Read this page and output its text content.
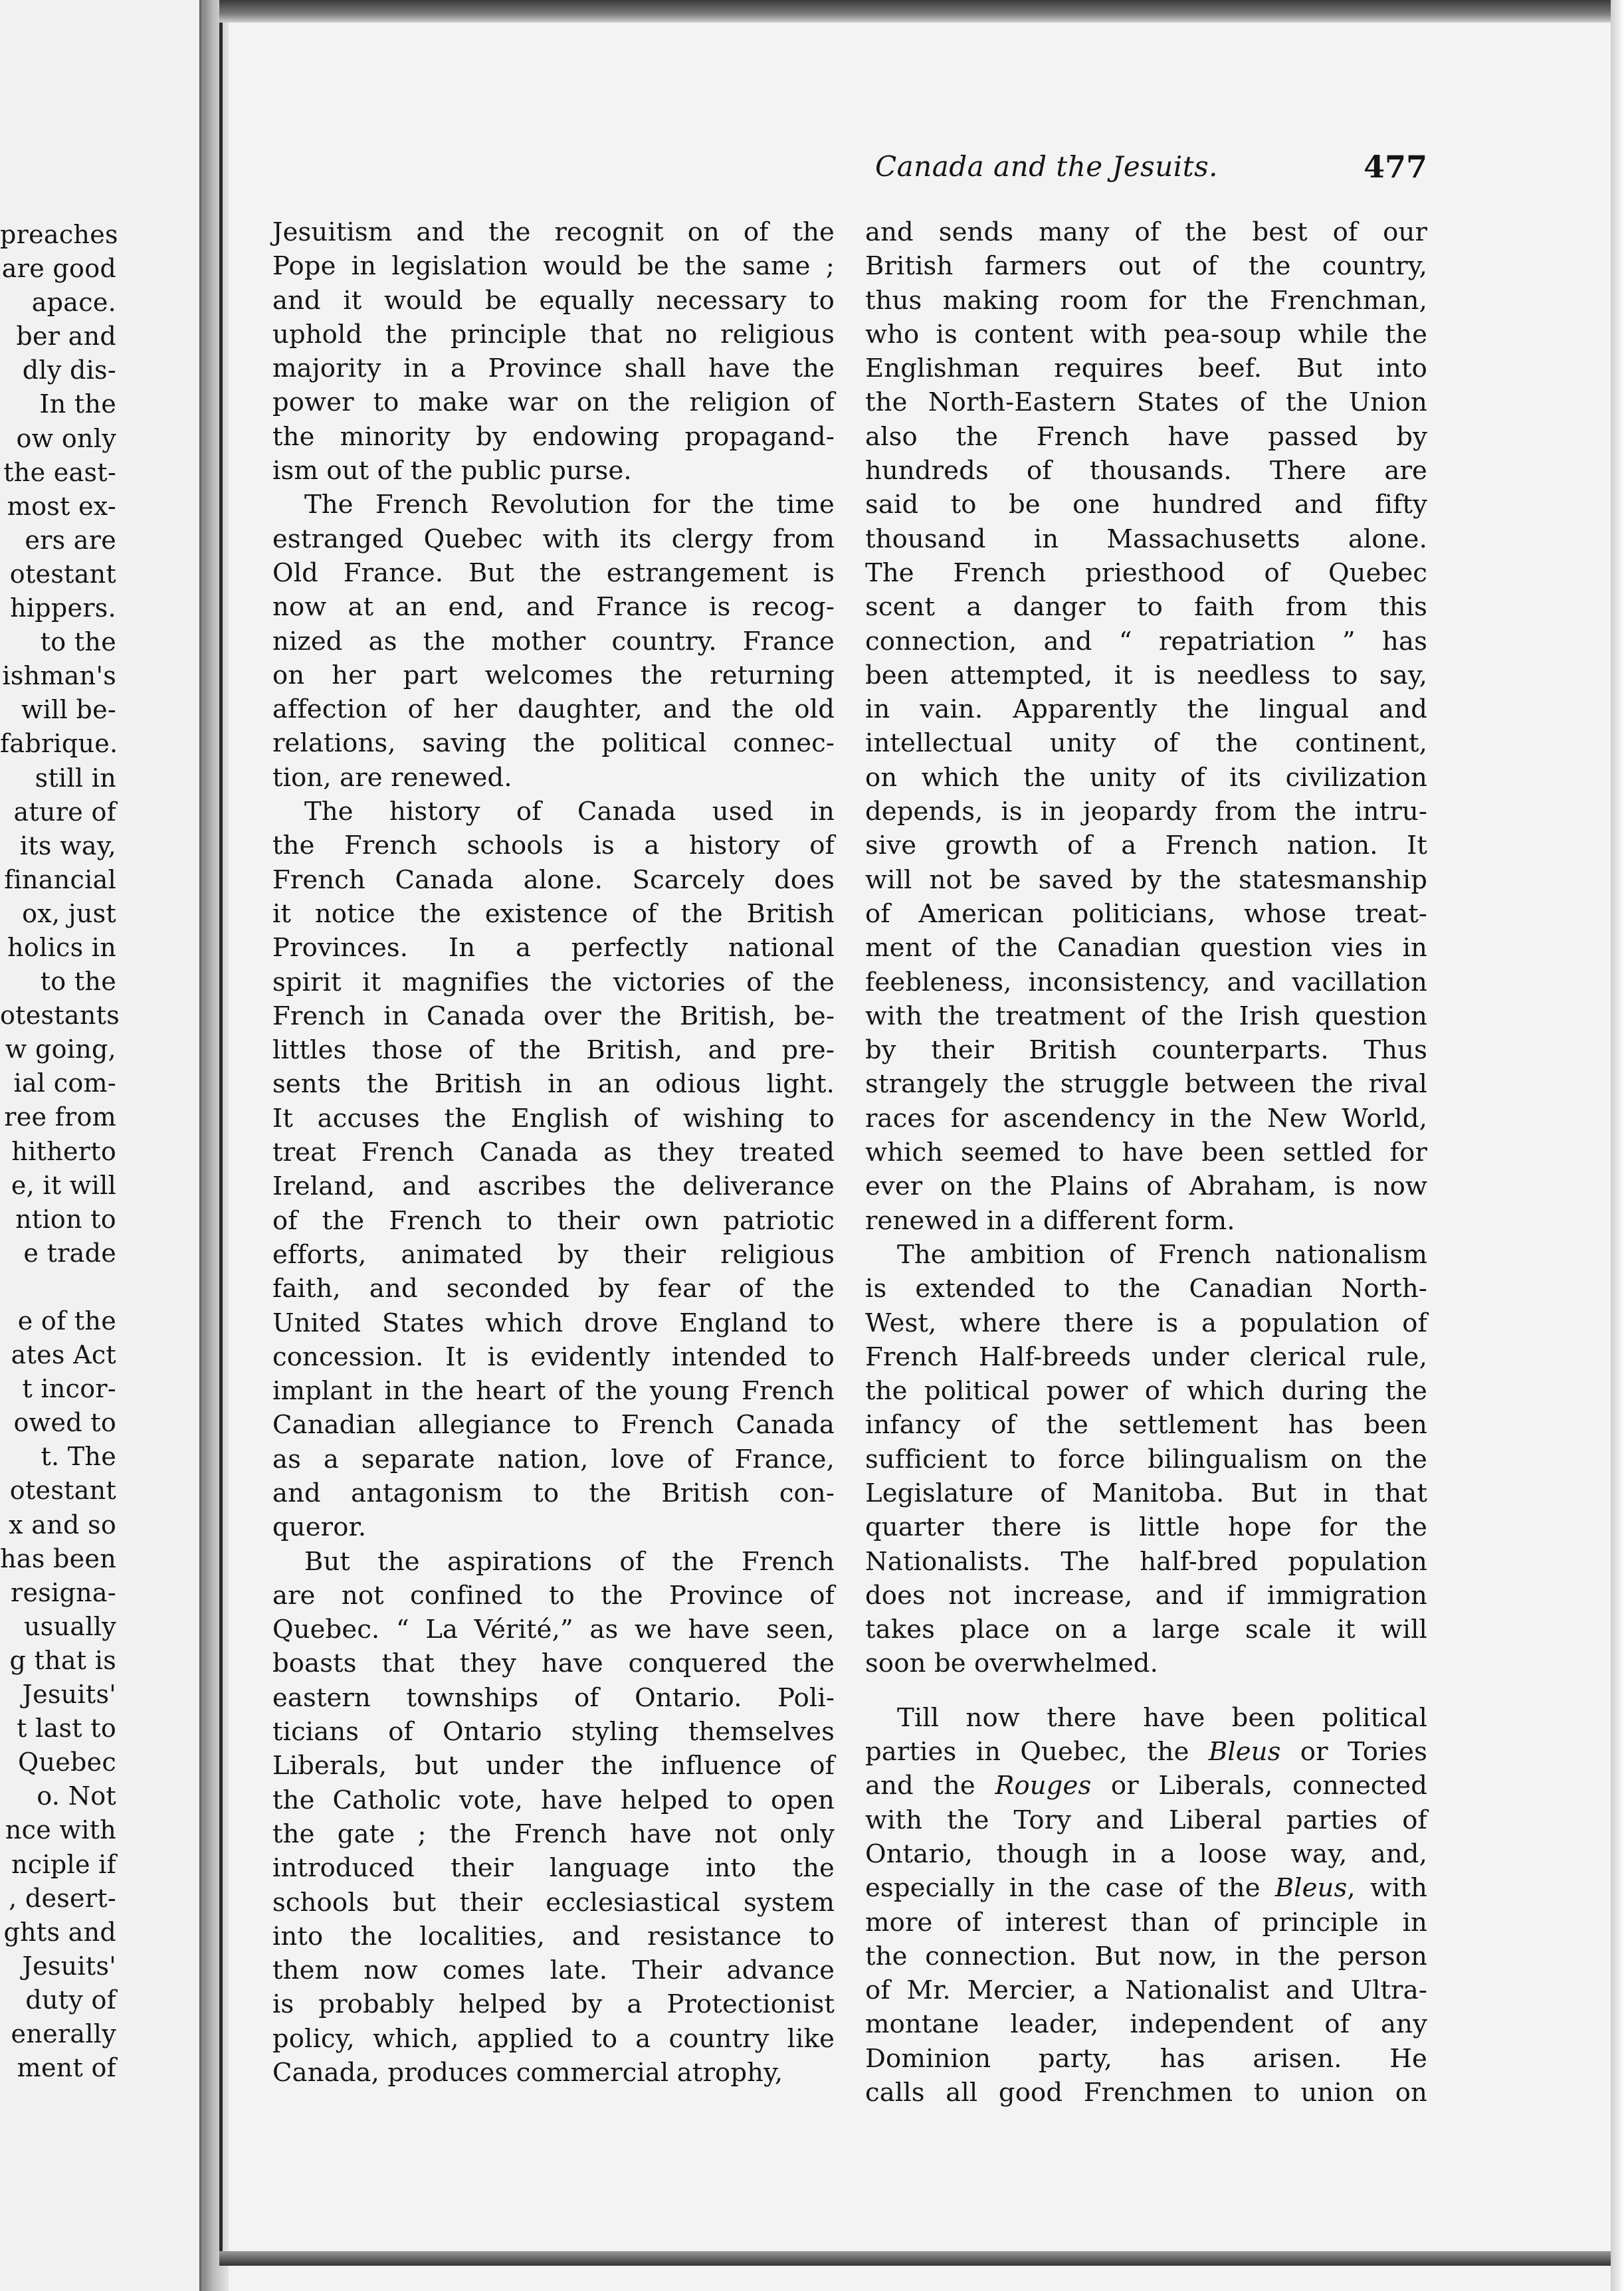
preaches
are good
apace.
ber and
dly dis-
In the
ow only
the east-
most ex-
ers are
otestant
hippers.
to the
ishman's
will be-
fabrique.
still in
ature of
its way,
financial
ox, just
holics in
to the
otestants
w going,
ial com-
ree from
hitherto
e, it will
ntion to
e trade
e of the
ates Act
t incor-
owed to
t. The
otestant
x and so
has been
resigna-
usually
g that is
Jesuits'
t last to
Quebec
o. Not
nce with
nciple if
, desert-
ghts and
Jesuits'
duty of
enerally
ment of
Canada and the Jesuits.	477
Jesuitism and the recognit on of the
Pope in legislation would be the same ;
and it would be equally necessary to
uphold the principle that no religious
majority in a Province shall have the
power to make war on the religion of
the minority by endowing propagand-
ism out of the public purse.
The French Revolution for the time
estranged Quebec with its clergy from
Old France. But the estrangement is
now at an end, and France is recog-
nized as the mother country. France
on her part welcomes the returning
affection of her daughter, and the old
relations, saving the political connec-
tion, are renewed.
The history of Canada used in
the French schools is a history of
French Canada alone. Scarcely does
it notice the existence of the British
Provinces. In a perfectly national
spirit it magnifies the victories of the
French in Canada over the British, be-
littles those of the British, and pre-
sents the British in an odious light.
It accuses the English of wishing to
treat French Canada as they treated
Ireland, and ascribes the deliverance
of the French to their own patriotic
efforts, animated by their religious
faith, and seconded by fear of the
United States which drove England to
concession. It is evidently intended to
implant in the heart of the young French
Canadian allegiance to French Canada
as a separate nation, love of France,
and antagonism to the British con-
queror.
But the aspirations of the French
are not confined to the Province of
Quebec. “ La Vérité,” as we have seen,
boasts that they have conquered the
eastern townships of Ontario. Poli-
ticians of Ontario styling themselves
Liberals, but under the influence of
the Catholic vote, have helped to open
the gate ; the French have not only
introduced their language into the
schools but their ecclesiastical system
into the localities, and resistance to
them now comes late. Their advance
is probably helped by a Protectionist
policy, which, applied to a country like
Canada, produces commercial atrophy,
and sends many of the best of our
British farmers out of the country,
thus making room for the Frenchman,
who is content with pea-soup while the
Englishman requires beef. But into
the North-Eastern States of the Union
also the French have passed by
hundreds of thousands. There are
said to be one hundred and fifty
thousand in Massachusetts alone.
The French priesthood of Quebec
scent a danger to faith from this
connection, and “ repatriation ” has
been attempted, it is needless to say,
in vain. Apparently the lingual and
intellectual unity of the continent,
on which the unity of its civilization
depends, is in jeopardy from the intru-
sive growth of a French nation. It
will not be saved by the statesmanship
of American politicians, whose treat-
ment of the Canadian question vies in
feebleness, inconsistency, and vacillation
with the treatment of the Irish question
by their British counterparts. Thus
strangely the struggle between the rival
races for ascendency in the New World,
which seemed to have been settled for
ever on the Plains of Abraham, is now
renewed in a different form.
The ambition of French nationalism
is extended to the Canadian North-
West, where there is a population of
French Half-breeds under clerical rule,
the political power of which during the
infancy of the settlement has been
sufficient to force bilingualism on the
Legislature of Manitoba. But in that
quarter there is little hope for the
Nationalists. The half-bred population
does not increase, and if immigration
takes place on a large scale it will
soon be overwhelmed.
Till now there have been political
parties in Quebec, the Bleus or Tories
and the Rouges or Liberals, connected
with the Tory and Liberal parties of
Ontario, though in a loose way, and,
especially in the case of the Bleus, with
more of interest than of principle in
the connection. But now, in the person
of Mr. Mercier, a Nationalist and Ultra-
montane leader, independent of any
Dominion party, has arisen. He
calls all good Frenchmen to union on
